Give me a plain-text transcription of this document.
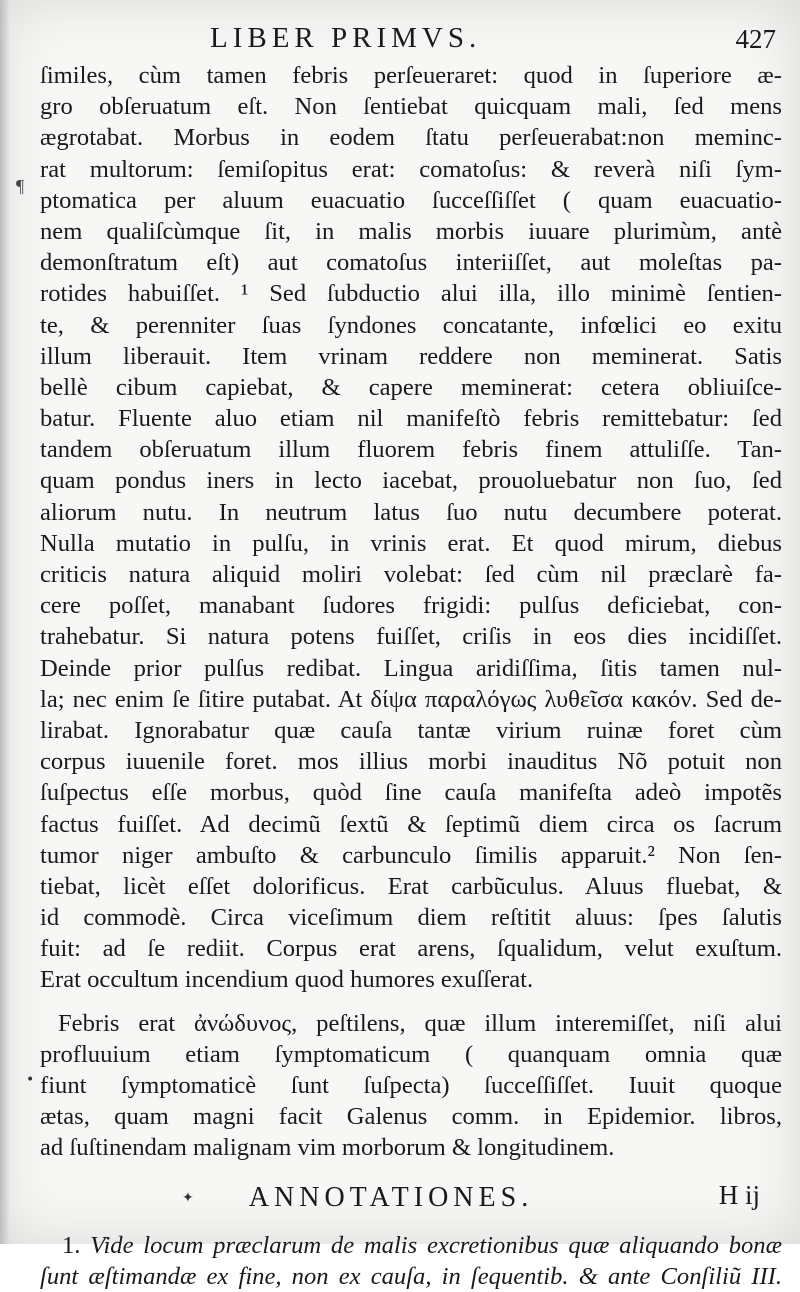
LIBER PRIMVS.	427
¶
ſimiles, cùm tamen febris perſeueraret: quod in ſuperiore æ-
gro obſeruatum eſt. Non ſentiebat quicquam mali, ſed mens
ægrotabat. Morbus in eodem ſtatu perſeuerabat:non meminc-
rat multorum: ſemiſopitus erat: comatoſus: & reverà niſi ſym-
ptomatica per aluum euacuatio ſucceſſiſſet ( quam euacuatio-
nem qualiſcùmque ſit, in malis morbis iuuare plurimùm, antè
demonſtratum eſt) aut comatoſus interiiſſet, aut moleſtas pa-
rotides habuiſſet. ¹ Sed ſubductio alui illa, illo minimè ſentien-
te, & perenniter ſuas ſyndones concatante, infœlici eo exitu
illum liberauit. Item vrinam reddere non meminerat. Satis
bellè cibum capiebat, & capere meminerat: cetera obliuiſce-
batur. Fluente aluo etiam nil manifeſtò febris remittebatur: ſed
tandem obſeruatum illum fluorem febris finem attuliſſe. Tan-
quam pondus iners in lecto iacebat, prouoluebatur non ſuo, ſed
aliorum nutu. In neutrum latus ſuo nutu decumbere poterat.
Nulla mutatio in pulſu, in vrinis erat. Et quod mirum, diebus
criticis natura aliquid moliri volebat: ſed cùm nil præclarè fa-
cere poſſet, manabant ſudores frigidi: pulſus deficiebat, con-
trahebatur. Si natura potens fuiſſet, criſis in eos dies incidiſſet.
Deinde prior pulſus redibat. Lingua aridiſſima, ſitis tamen nul-
la; nec enim ſe ſitire putabat. At δίψα παραλόγως λυθεῖσα κακόν. Sed de-
lirabat. Ignorabatur quæ cauſa tantæ virium ruinæ foret cùm
corpus iuuenile foret. mos illius morbi inauditus Nõ potuit non
ſuſpectus eſſe morbus, quòd ſine cauſa manifeſta adeò impotẽs
factus fuiſſet. Ad decimũ ſextũ & ſeptimũ diem circa os ſacrum
tumor niger ambuſto & carbunculo ſimilis apparuit.² Non ſen-
tiebat, licèt eſſet dolorificus. Erat carbũculus. Aluus fluebat, &
id commodè. Circa viceſimum diem reſtitit aluus: ſpes ſalutis
fuit: ad ſe rediit. Corpus erat arens, ſqualidum, velut exuſtum.
Erat occultum incendium quod humores exuſſerat.
Febris erat ἀνώδυνος, peſtilens, quæ illum interemiſſet, niſi alui
profluuium etiam ſymptomaticum ( quanquam omnia quæ
fiunt ſymptomaticè ſunt ſuſpecta) ſucceſſiſſet. Iuuit quoque
ætas, quam magni facit Galenus comm. in Epidemior. libros,
ad ſuſtinendam malignam vim morborum & longitudinem.
ANNOTATIONES.
1. Vide locum præclarum de malis excretionibus quæ aliquando bonæ
ſunt æſtimandæ ex fine, non ex cauſa, in ſequentib. & ante Conſiliũ III.
•
✦	H ij
